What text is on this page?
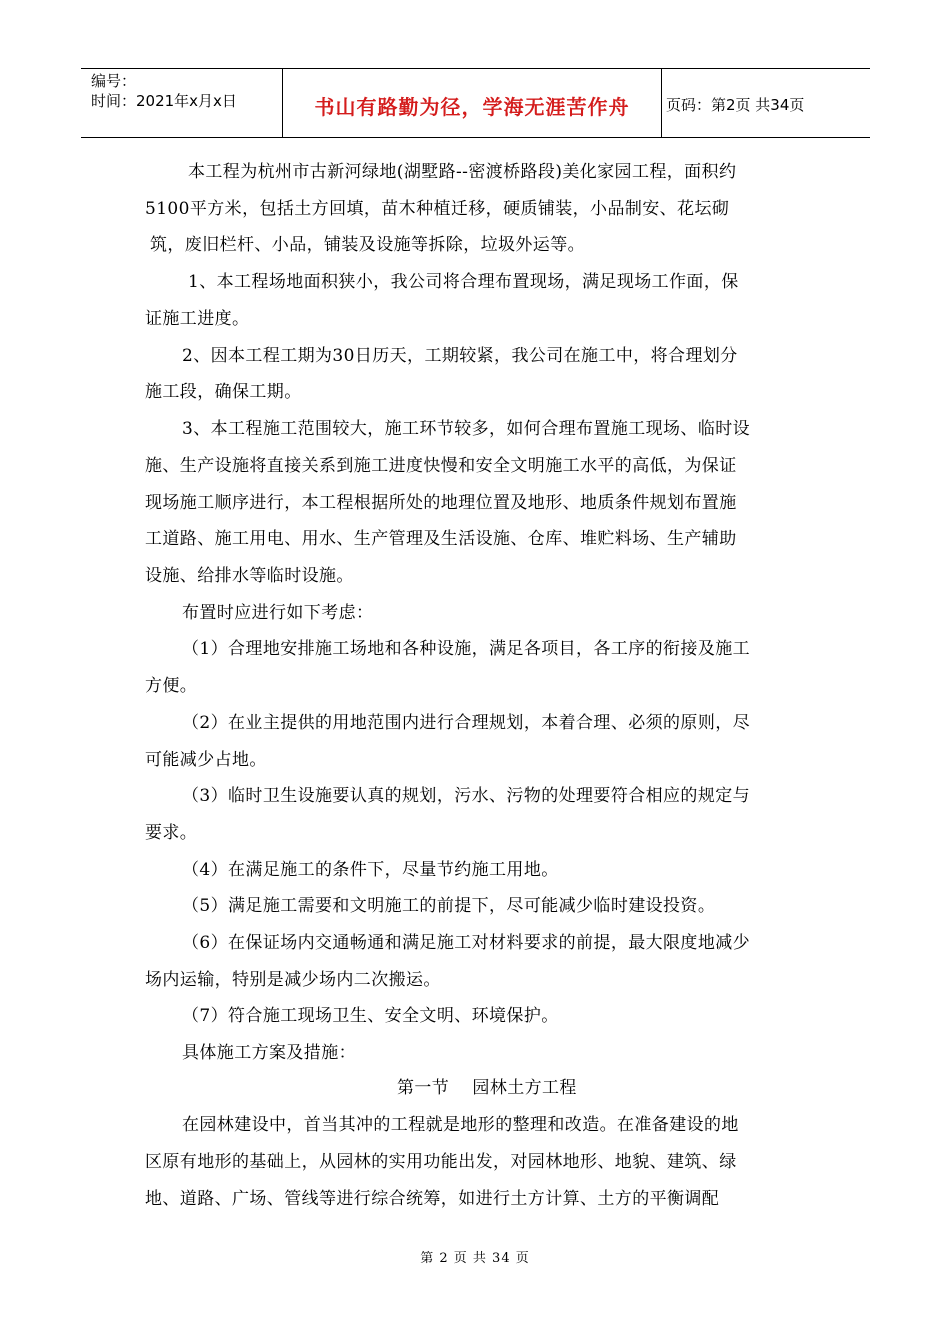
编号：
时间：2021年x月x日	书山有路勤为径，学海无涯苦作舟	页码：第2页 共34页
本工程为杭州市古新河绿地(湖墅路--密渡桥路段)美化家园工程，面积约
5100平方米，包括土方回填，苗木种植迁移，硬质铺装，小品制安、花坛砌
筑，废旧栏杆、小品，铺装及设施等拆除，垃圾外运等。
1、本工程场地面积狭小，我公司将合理布置现场，满足现场工作面，保
证施工进度。
2、因本工程工期为30日历天，工期较紧，我公司在施工中，将合理划分
施工段，确保工期。
3、本工程施工范围较大，施工环节较多，如何合理布置施工现场、临时设
施、生产设施将直接关系到施工进度快慢和安全文明施工水平的高低，为保证
现场施工顺序进行，本工程根据所处的地理位置及地形、地质条件规划布置施
工道路、施工用电、用水、生产管理及生活设施、仓库、堆贮料场、生产辅助
设施、给排水等临时设施。
布置时应进行如下考虑：
（1）合理地安排施工场地和各种设施，满足各项目，各工序的衔接及施工
方便。
（2）在业主提供的用地范围内进行合理规划，本着合理、必须的原则，尽
可能减少占地。
（3）临时卫生设施要认真的规划，污水、污物的处理要符合相应的规定与
要求。
（4）在满足施工的条件下，尽量节约施工用地。
（5）满足施工需要和文明施工的前提下，尽可能减少临时建设投资。
（6）在保证场内交通畅通和满足施工对材料要求的前提，最大限度地减少
场内运输，特别是减少场内二次搬运。
（7）符合施工现场卫生、安全文明、环境保护。
具体施工方案及措施：
第一节    园林土方工程
在园林建设中，首当其冲的工程就是地形的整理和改造。在准备建设的地
区原有地形的基础上，从园林的实用功能出发，对园林地形、地貌、建筑、绿
地、道路、广场、管线等进行综合统筹，如进行土方计算、土方的平衡调配
第 2 页 共 34 页
